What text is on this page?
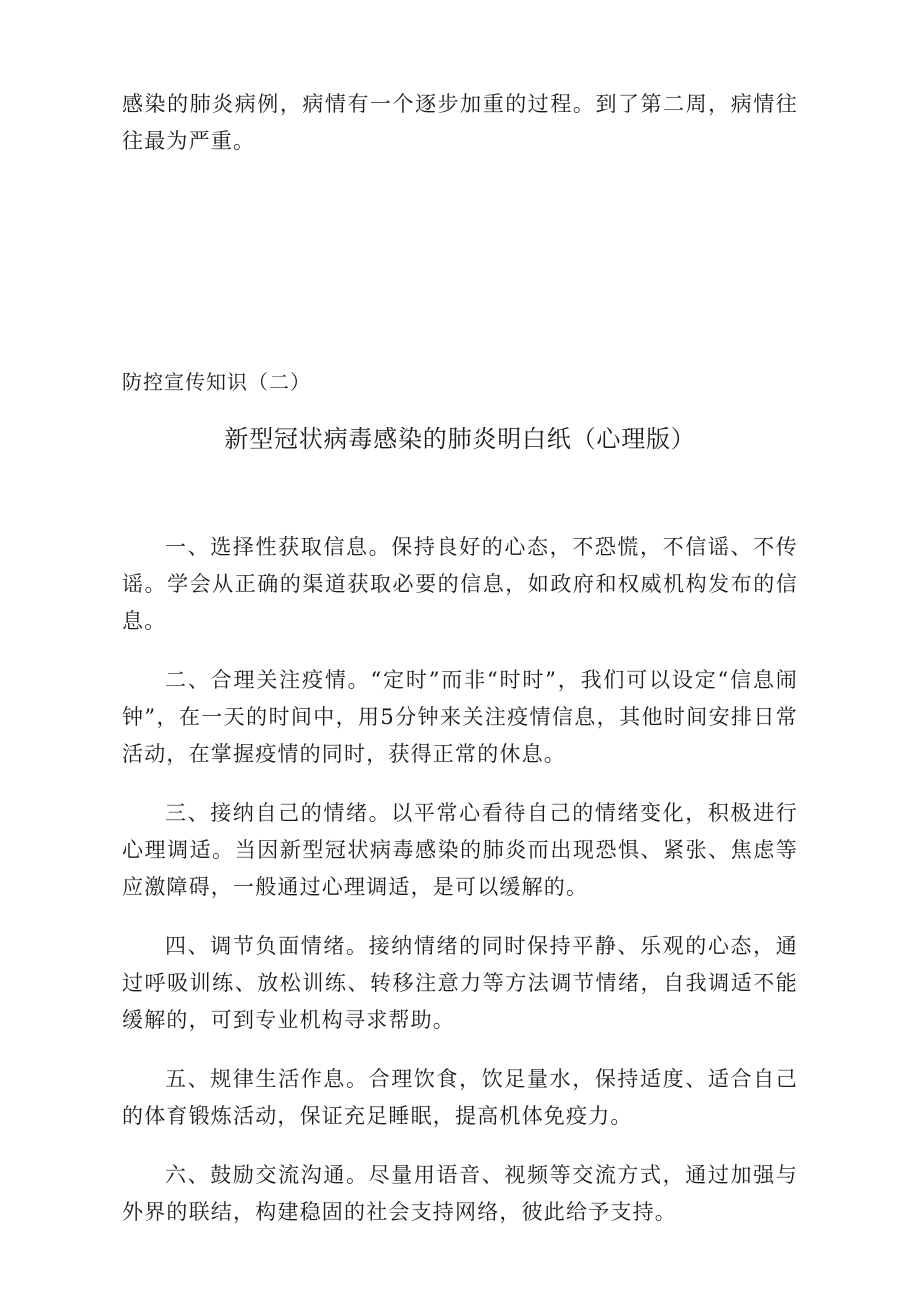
感染的肺炎病例，病情有一个逐步加重的过程。到了第二周，病情往往最为严重。

防控宣传知识（二）
新型冠状病毒感染的肺炎明白纸（心理版）

一、选择性获取信息。保持良好的心态，不恐慌，不信谣、不传谣。学会从正确的渠道获取必要的信息，如政府和权威机构发布的信息。

二、合理关注疫情。“定时”而非“时时”，我们可以设定“信息闹钟”，在一天的时间中，用5分钟来关注疫情信息，其他时间安排日常活动，在掌握疫情的同时，获得正常的休息。

三、接纳自己的情绪。以平常心看待自己的情绪变化，积极进行心理调适。当因新型冠状病毒感染的肺炎而出现恐惧、紧张、焦虑等应激障碍，一般通过心理调适，是可以缓解的。

四、调节负面情绪。接纳情绪的同时保持平静、乐观的心态，通过呼吸训练、放松训练、转移注意力等方法调节情绪，自我调适不能缓解的，可到专业机构寻求帮助。

五、规律生活作息。合理饮食，饮足量水，保持适度、适合自己的体育锻炼活动，保证充足睡眠，提高机体免疫力。

六、鼓励交流沟通。尽量用语音、视频等交流方式，通过加强与外界的联结，构建稳固的社会支持网络，彼此给予支持。
